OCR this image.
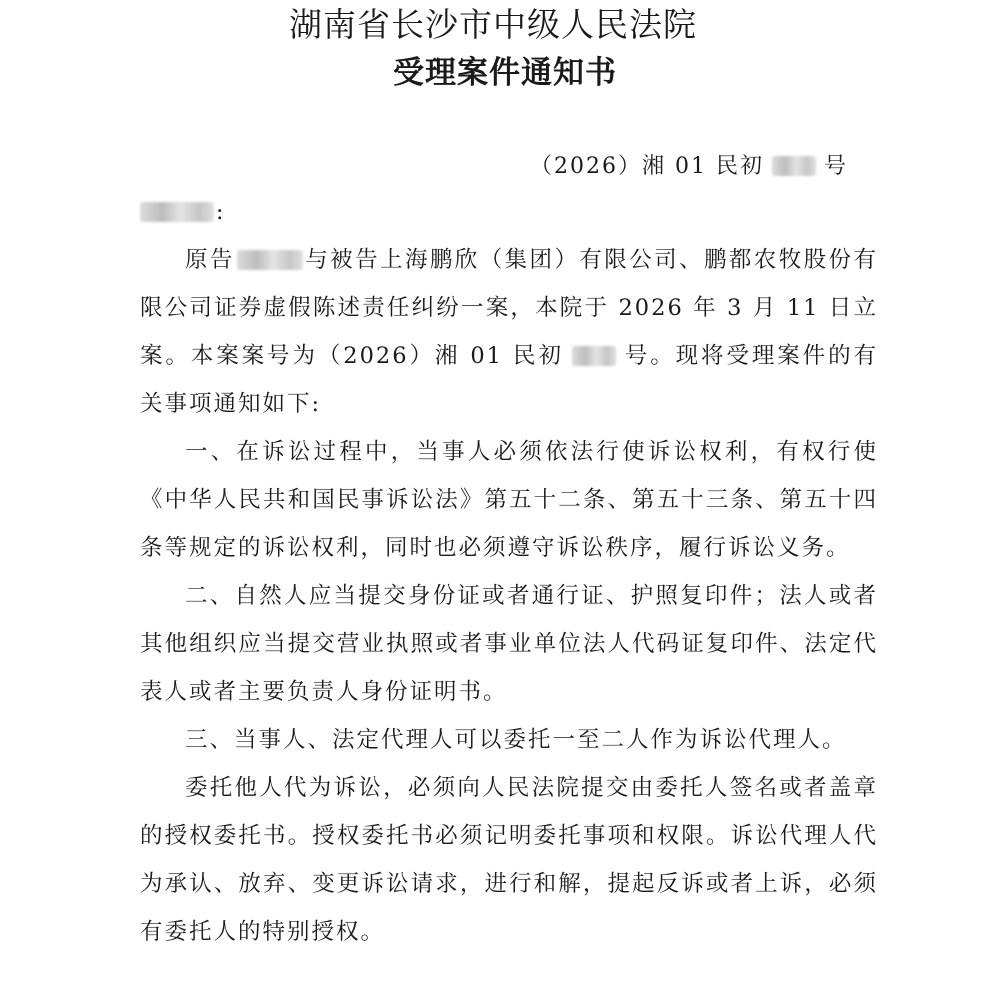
湖南省长沙市中级人民法院
受理案件通知书
（2026）湘 01 民初	号
:

原告	与被告上海鹏欣（集团）有限公司、鹏都农牧股份有限公司证券虚假陈述责任纠纷一案，本院于 2026 年 3 月 11 日立案。本案案号为（2026）湘 01 民初	号。现将受理案件的有关事项通知如下:

一、在诉讼过程中，当事人必须依法行使诉讼权利，有权行使《中华人民共和国民事诉讼法》第五十二条、第五十三条、第五十四条等规定的诉讼权利，同时也必须遵守诉讼秩序，履行诉讼义务。

二、自然人应当提交身份证或者通行证、护照复印件；法人或者其他组织应当提交营业执照或者事业单位法人代码证复印件、法定代表人或者主要负责人身份证明书。

三、当事人、法定代理人可以委托一至二人作为诉讼代理人。

委托他人代为诉讼，必须向人民法院提交由委托人签名或者盖章的授权委托书。授权委托书必须记明委托事项和权限。诉讼代理人代为承认、放弃、变更诉讼请求，进行和解，提起反诉或者上诉，必须有委托人的特别授权。
